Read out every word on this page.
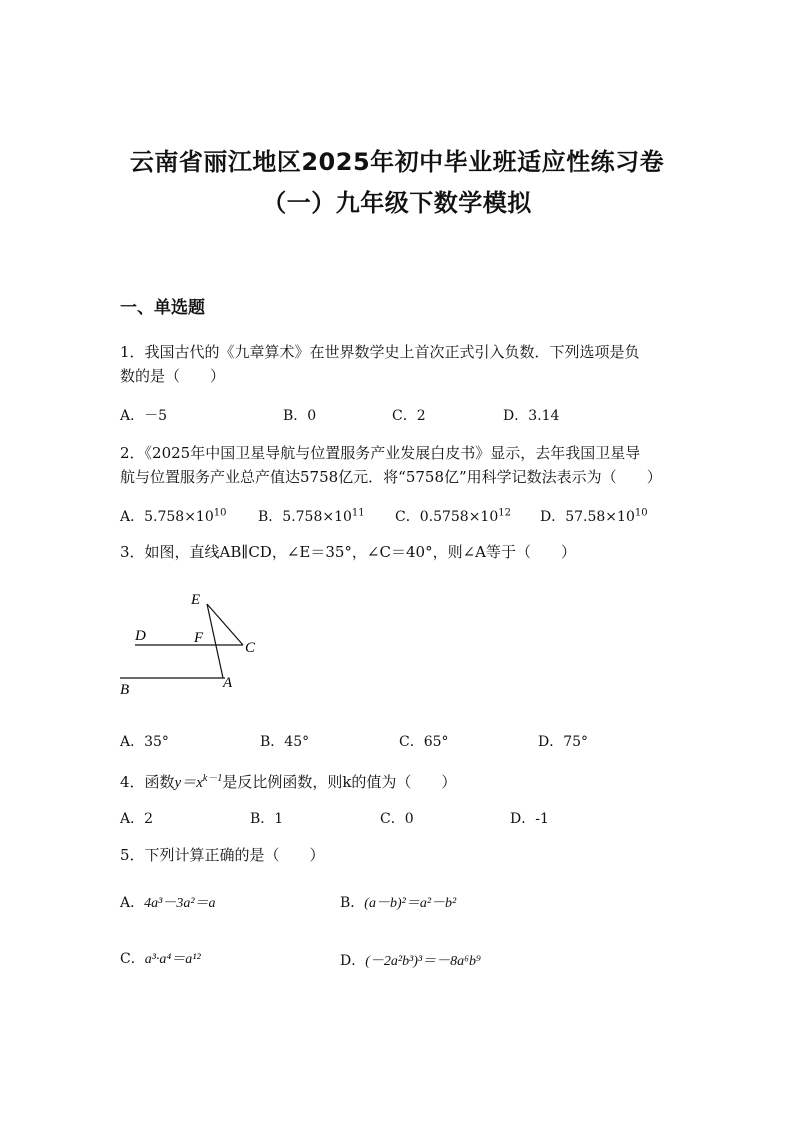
云南省丽江地区2025年初中毕业班适应性练习卷
（一）九年级下数学模拟
一、单选题
1．我国古代的《九章算术》在世界数学史上首次正式引入负数．下列选项是负
数的是（　　）
A．－5	B．0	C．2	D．3.14
2．《2025年中国卫星导航与位置服务产业发展白皮书》显示，去年我国卫星导
航与位置服务产业总产值达5758亿元．将“5758亿”用科学记数法表示为（　　）
A．$5.758\times 10^{10}$ B．$5.758\times 10^{11}$ C．$0.5758\times 10^{12}$ D．$57.58\times 10^{10}$
3．如图，直线AB∥CD，∠E＝35°，∠C＝40°，则∠A等于（　　）
E
D	F
C
B	A
A．35°	B．45°	C．65°	D．75°
4．函数$y=x^{k-1}$是反比例函数，则k的值为（　　）
A．2	B．1	C．0	D．-1
5．下列计算正确的是（　　）
A．4a³－3a²＝a	B．(a－b)²＝a²－b²
C．a³·a⁴＝a¹²	D．(－2a²b³)³＝－8a⁶b⁹
